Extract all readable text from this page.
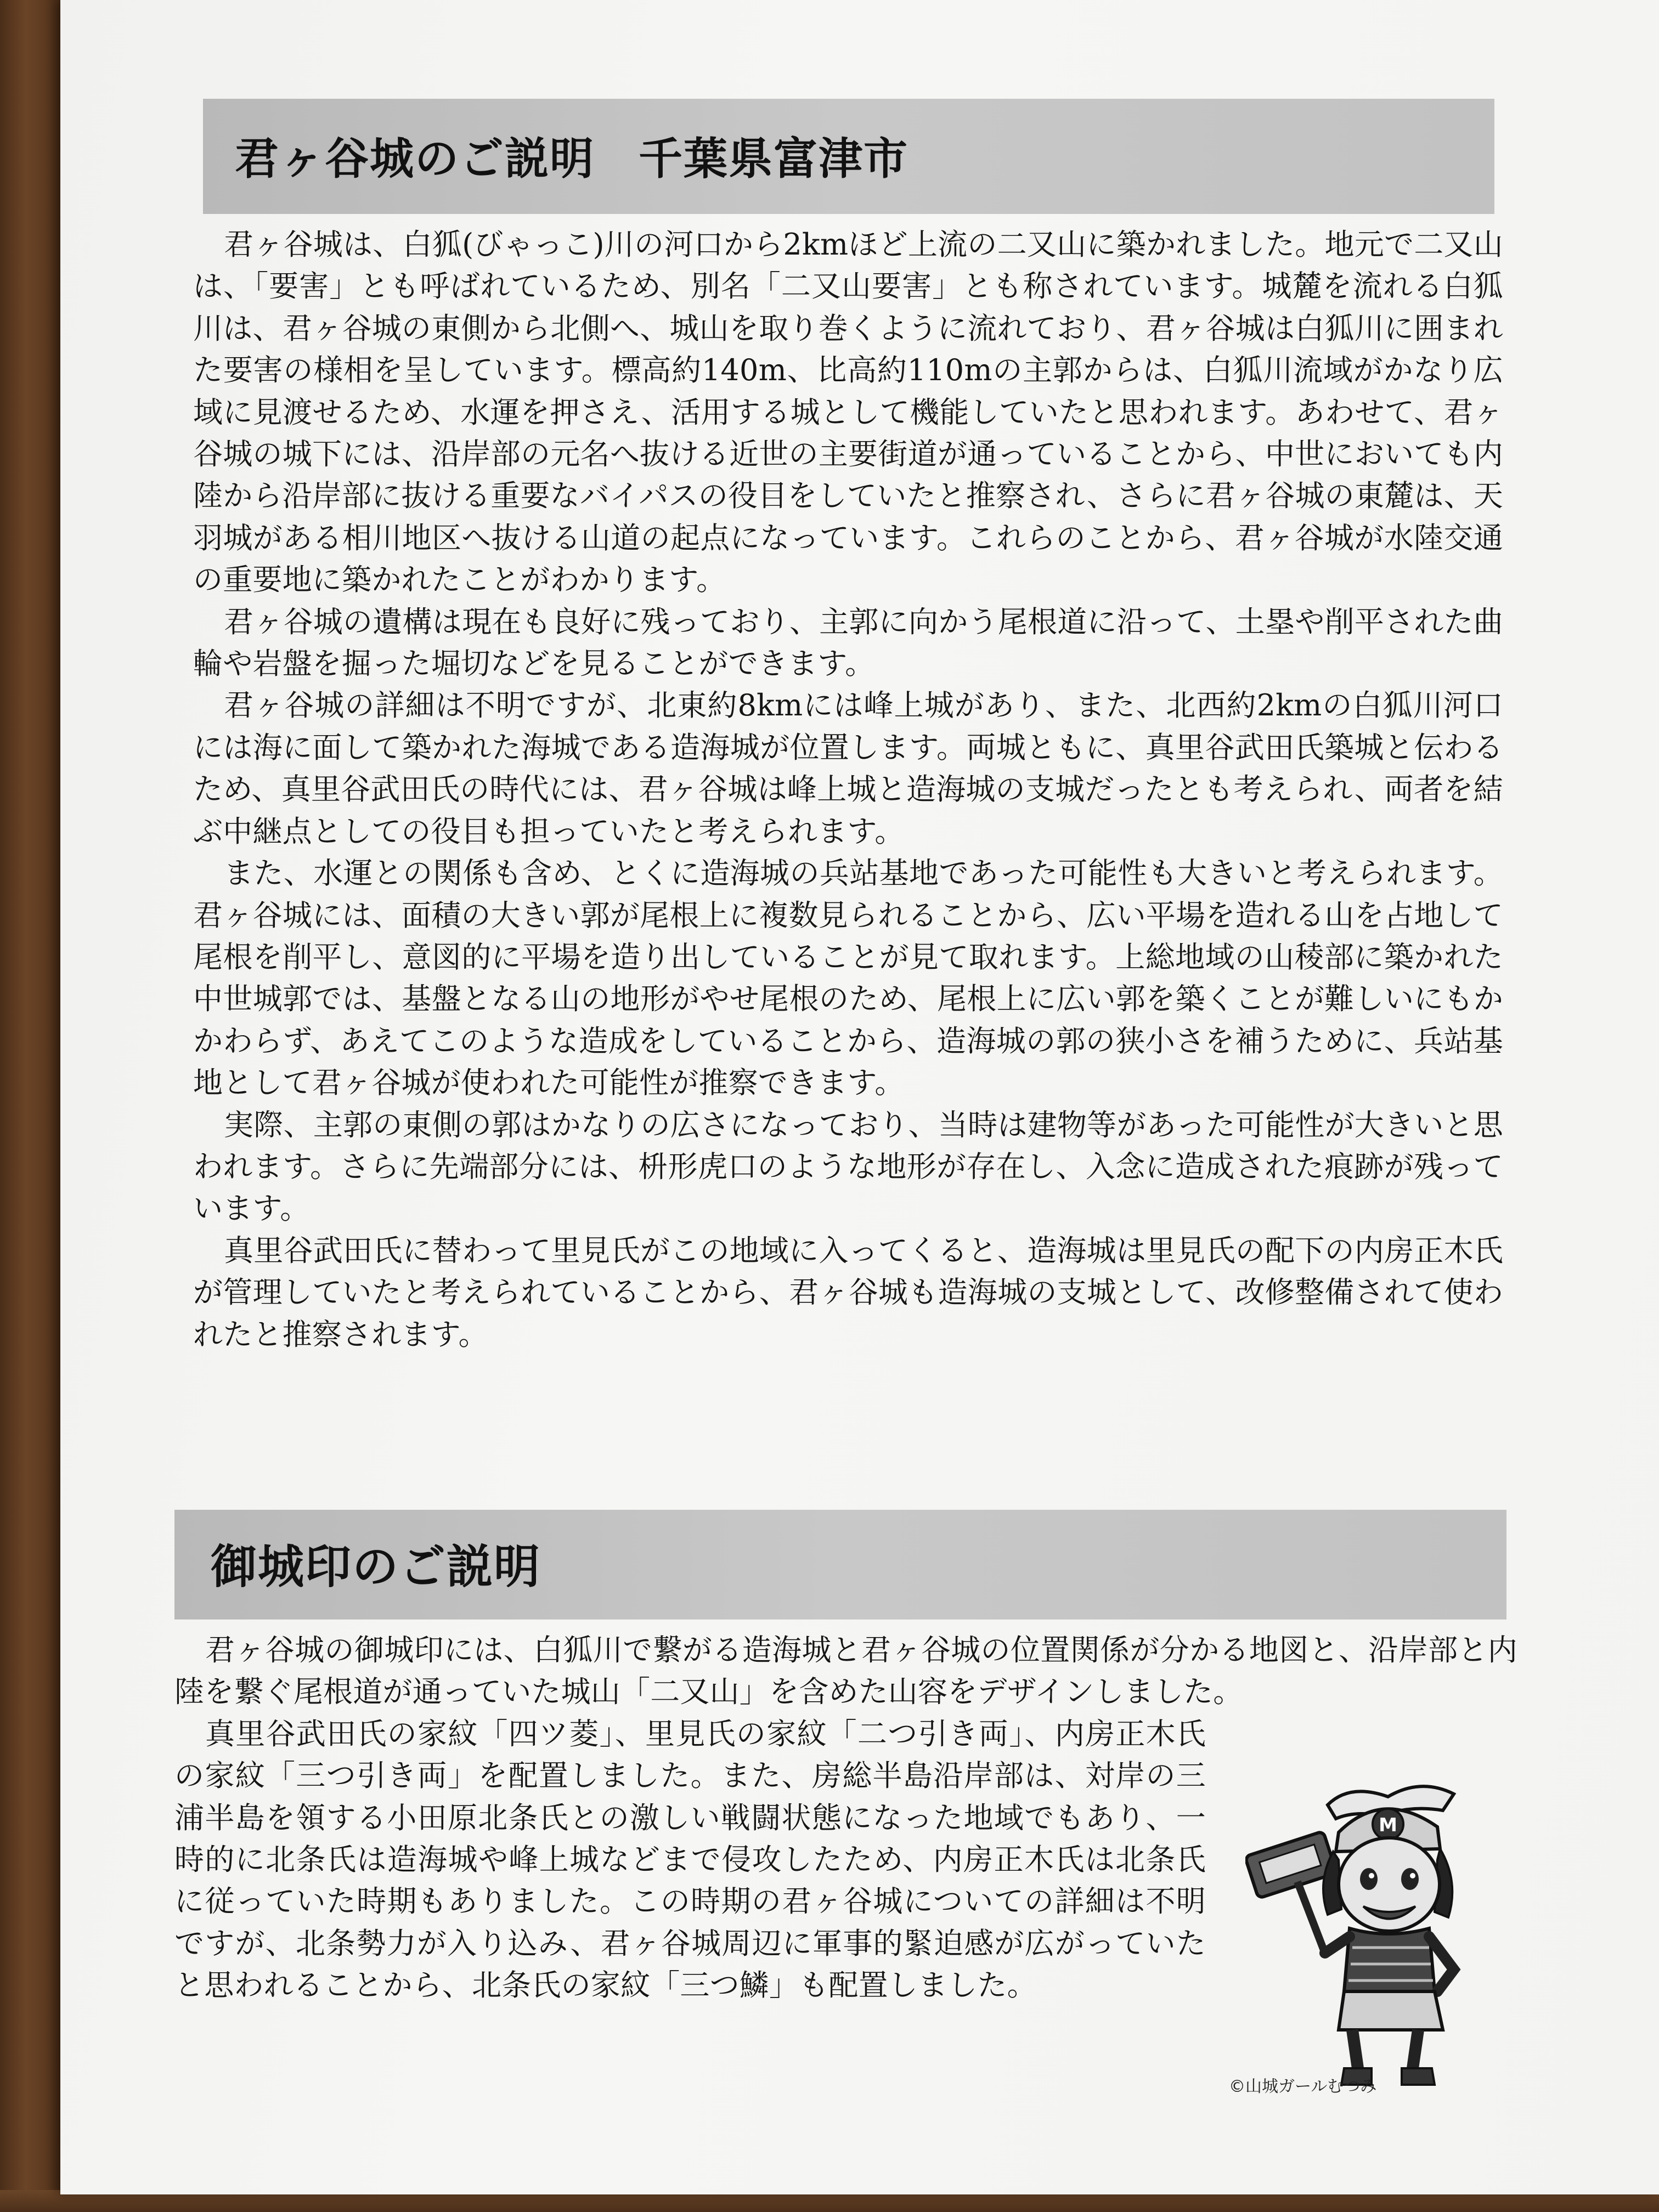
君ヶ谷城のご説明 千葉県富津市

君ヶ谷城は、白狐(びゃっこ)川の河口から2kmほど上流の二又山に築かれました。地元で二又山は、「要害」とも呼ばれているため、別名「二又山要害」とも称されています。城麓を流れる白狐川は、君ヶ谷城の東側から北側へ、城山を取り巻くように流れており、君ヶ谷城は白狐川に囲まれた要害の様相を呈しています。標高約140m、比高約110mの主郭からは、白狐川流域がかなり広域に見渡せるため、水運を押さえ、活用する城として機能していたと思われます。あわせて、君ヶ谷城の城下には、沿岸部の元名へ抜ける近世の主要街道が通っていることから、中世においても内陸から沿岸部に抜ける重要なバイパスの役目をしていたと推察され、さらに君ヶ谷城の東麓は、天羽城がある相川地区へ抜ける山道の起点になっています。これらのことから、君ヶ谷城が水陸交通の重要地に築かれたことがわかります。

君ヶ谷城の遺構は現在も良好に残っており、主郭に向かう尾根道に沿って、土塁や削平された曲輪や岩盤を掘った堀切などを見ることができます。

君ヶ谷城の詳細は不明ですが、北東約8kmには峰上城があり、また、北西約2kmの白狐川河口には海に面して築かれた海城である造海城が位置します。両城ともに、真里谷武田氏築城と伝わるため、真里谷武田氏の時代には、君ヶ谷城は峰上城と造海城の支城だったとも考えられ、両者を結ぶ中継点としての役目も担っていたと考えられます。

また、水運との関係も含め、とくに造海城の兵站基地であった可能性も大きいと考えられます。君ヶ谷城には、面積の大きい郭が尾根上に複数見られることから、広い平場を造れる山を占地して尾根を削平し、意図的に平場を造り出していることが見て取れます。上総地域の山稜部に築かれた中世城郭では、基盤となる山の地形がやせ尾根のため、尾根上に広い郭を築くことが難しいにもかかわらず、あえてこのような造成をしていることから、造海城の郭の狭小さを補うために、兵站基地として君ヶ谷城が使われた可能性が推察できます。

実際、主郭の東側の郭はかなりの広さになっており、当時は建物等があった可能性が大きいと思われます。さらに先端部分には、枡形虎口のような地形が存在し、入念に造成された痕跡が残っています。

真里谷武田氏に替わって里見氏がこの地域に入ってくると、造海城は里見氏の配下の内房正木氏が管理していたと考えられていることから、君ヶ谷城も造海城の支城として、改修整備されて使われたと推察されます。

御城印のご説明

君ヶ谷城の御城印には、白狐川で繋がる造海城と君ヶ谷城の位置関係が分かる地図と、沿岸部と内陸を繋ぐ尾根道が通っていた城山「二又山」を含めた山容をデザインしました。

真里谷武田氏の家紋「四ツ菱」、里見氏の家紋「二つ引き両」、内房正木氏の家紋「三つ引き両」を配置しました。また、房総半島沿岸部は、対岸の三浦半島を領する小田原北条氏との激しい戦闘状態になった地域でもあり、一時的に北条氏は造海城や峰上城などまで侵攻したため、内房正木氏は北条氏に従っていた時期もありました。この時期の君ヶ谷城についての詳細は不明ですが、北条勢力が入り込み、君ヶ谷城周辺に軍事的緊迫感が広がっていたと思われることから、北条氏の家紋「三つ鱗」も配置しました。

M
©山城ガールむつみ
